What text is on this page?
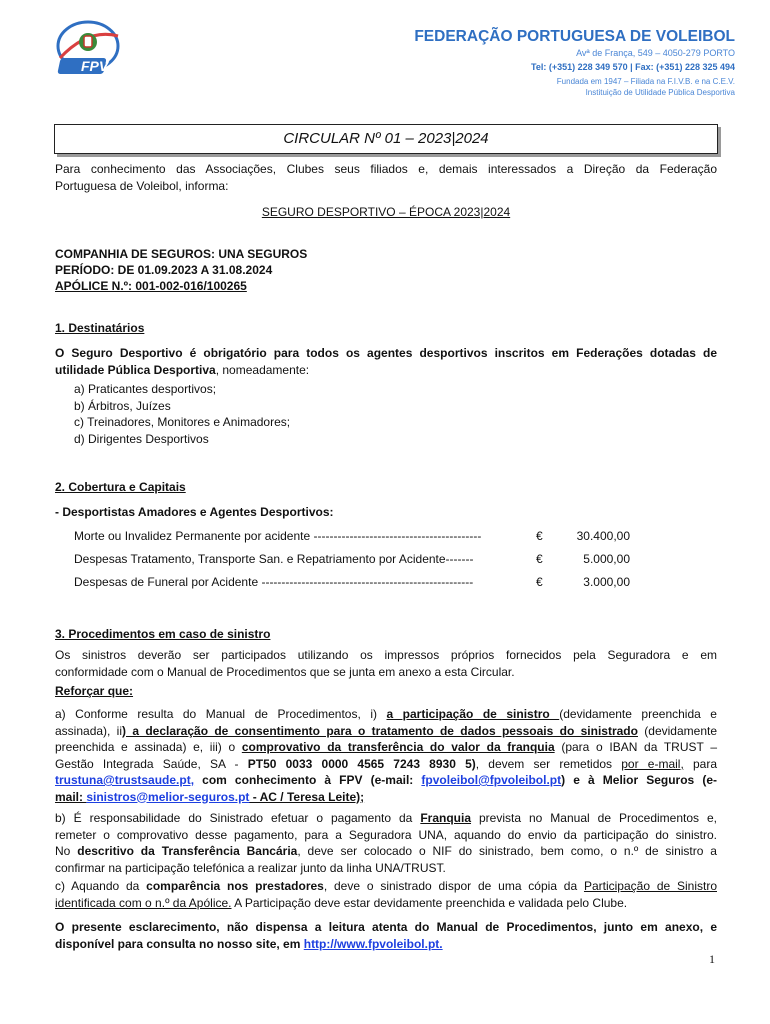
FPV
FEDERAÇÃO PORTUGUESA DE VOLEIBOL
Avª de França, 549 – 4050-279 PORTO
Tel: (+351) 228 349 570 | Fax: (+351) 228 325 494
Fundada em 1947 – Filiada na F.I.V.B. e na C.E.V.
Instituição de Utilidade Pública Desportiva
CIRCULAR Nº 01 – 2023|2024
Para conhecimento das Associações, Clubes seus filiados e, demais interessados a Direção da Federação
Portuguesa de Voleibol, informa:
SEGURO DESPORTIVO – ÉPOCA 2023|2024
COMPANHIA DE SEGUROS: UNA SEGUROS
PERÍODO: DE 01.09.2023 A 31.08.2024
APÓLICE N.º: 001-002-016/100265
1. Destinatários
O Seguro Desportivo é obrigatório para todos os agentes desportivos inscritos em Federações dotadas de
utilidade Pública Desportiva, nomeadamente:
a) Praticantes desportivos;
b) Árbitros, Juízes
c) Treinadores, Monitores e Animadores;
d) Dirigentes Desportivos
2. Cobertura e Capitais
- Desportistas Amadores e Agentes Desportivos:
Morte ou Invalidez Permanente por acidente ------------------------------------------	€	30.400,00
Despesas Tratamento, Transporte San. e Repatriamento por Acidente-------	€	5.000,00
Despesas de Funeral por Acidente -----------------------------------------------------	€	3.000,00
3. Procedimentos em caso de sinistro
Os sinistros deverão ser participados utilizando os impressos próprios fornecidos pela Seguradora e em
conformidade com o Manual de Procedimentos que se junta em anexo a esta Circular.
Reforçar que:
a) Conforme resulta do Manual de Procedimentos, i) a participação de sinistro (devidamente preenchida e
assinada), ii) a declaração de consentimento para o tratamento de dados pessoais do sinistrado (devidamente
preenchida e assinada) e, iii) o comprovativo da transferência do valor da franquia (para o IBAN da TRUST –
Gestão Integrada Saúde, SA - PT50 0033 0000 4565 7243 8930 5), devem ser remetidos por e-mail, para
trustuna@trustsaude.pt, com conhecimento à FPV (e-mail: fpvoleibol@fpvoleibol.pt) e à Melior Seguros (e-
mail: sinistros@melior-seguros.pt - AC / Teresa Leite);
b) É responsabilidade do Sinistrado efetuar o pagamento da Franquia prevista no Manual de Procedimentos e,
remeter o comprovativo desse pagamento, para a Seguradora UNA, aquando do envio da participação do sinistro.
No descritivo da Transferência Bancária, deve ser colocado o NIF do sinistrado, bem como, o n.º de sinistro a
confirmar na participação telefónica a realizar junto da linha UNA/TRUST.
c) Aquando da comparência nos prestadores, deve o sinistrado dispor de uma cópia da Participação de Sinistro
identificada com o n.º da Apólice. A Participação deve estar devidamente preenchida e validada pelo Clube.
O presente esclarecimento, não dispensa a leitura atenta do Manual de Procedimentos, junto em anexo, e
disponível para consulta no nosso site, em http://www.fpvoleibol.pt.
1
